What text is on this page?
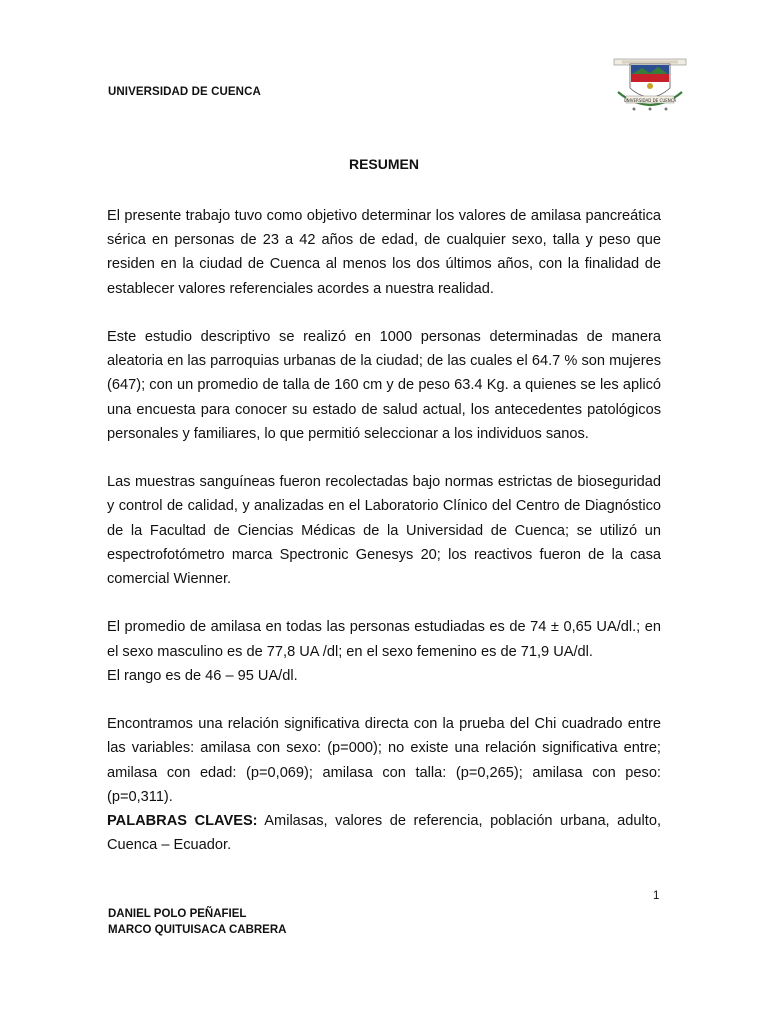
UNIVERSIDAD DE CUENCA
UNIVERSIDAD DE CUENCA
RESUMEN

El presente trabajo tuvo como objetivo determinar los valores de amilasa pancreática sérica en personas de 23 a 42 años de edad, de cualquier sexo, talla y peso que residen en la ciudad de Cuenca al menos los dos últimos años, con la finalidad de establecer valores referenciales acordes a nuestra realidad.

Este estudio descriptivo se realizó en 1000 personas determinadas de manera aleatoria en las parroquias urbanas de la ciudad; de las cuales el 64.7 % son mujeres (647); con un promedio de talla de 160 cm y de peso 63.4 Kg. a quienes se les aplicó una encuesta para conocer su estado de salud actual, los antecedentes patológicos personales y familiares, lo que permitió seleccionar a los individuos sanos.

Las muestras sanguíneas fueron recolectadas bajo normas estrictas de bioseguridad y control de calidad, y analizadas en el Laboratorio Clínico del Centro de Diagnóstico de la Facultad de Ciencias Médicas de la Universidad de Cuenca; se utilizó un espectrofotómetro marca Spectronic Genesys 20; los reactivos fueron de la casa comercial Wienner.

El promedio de amilasa en todas las personas estudiadas es de 74 ± 0,65 UA/dl.; en el sexo masculino es de 77,8 UA /dl; en el sexo femenino es de 71,9 UA/dl.

El rango es de 46 – 95 UA/dl.

Encontramos una relación significativa directa con la prueba del Chi cuadrado entre las variables: amilasa con sexo: (p=000); no existe una relación significativa entre; amilasa con edad: (p=0,069); amilasa con talla: (p=0,265); amilasa con peso: (p=0,311).

PALABRAS CLAVES: Amilasas, valores de referencia, población urbana, adulto, Cuenca – Ecuador.

1
DANIEL POLO PEÑAFIEL
MARCO QUITUISACA CABRERA
